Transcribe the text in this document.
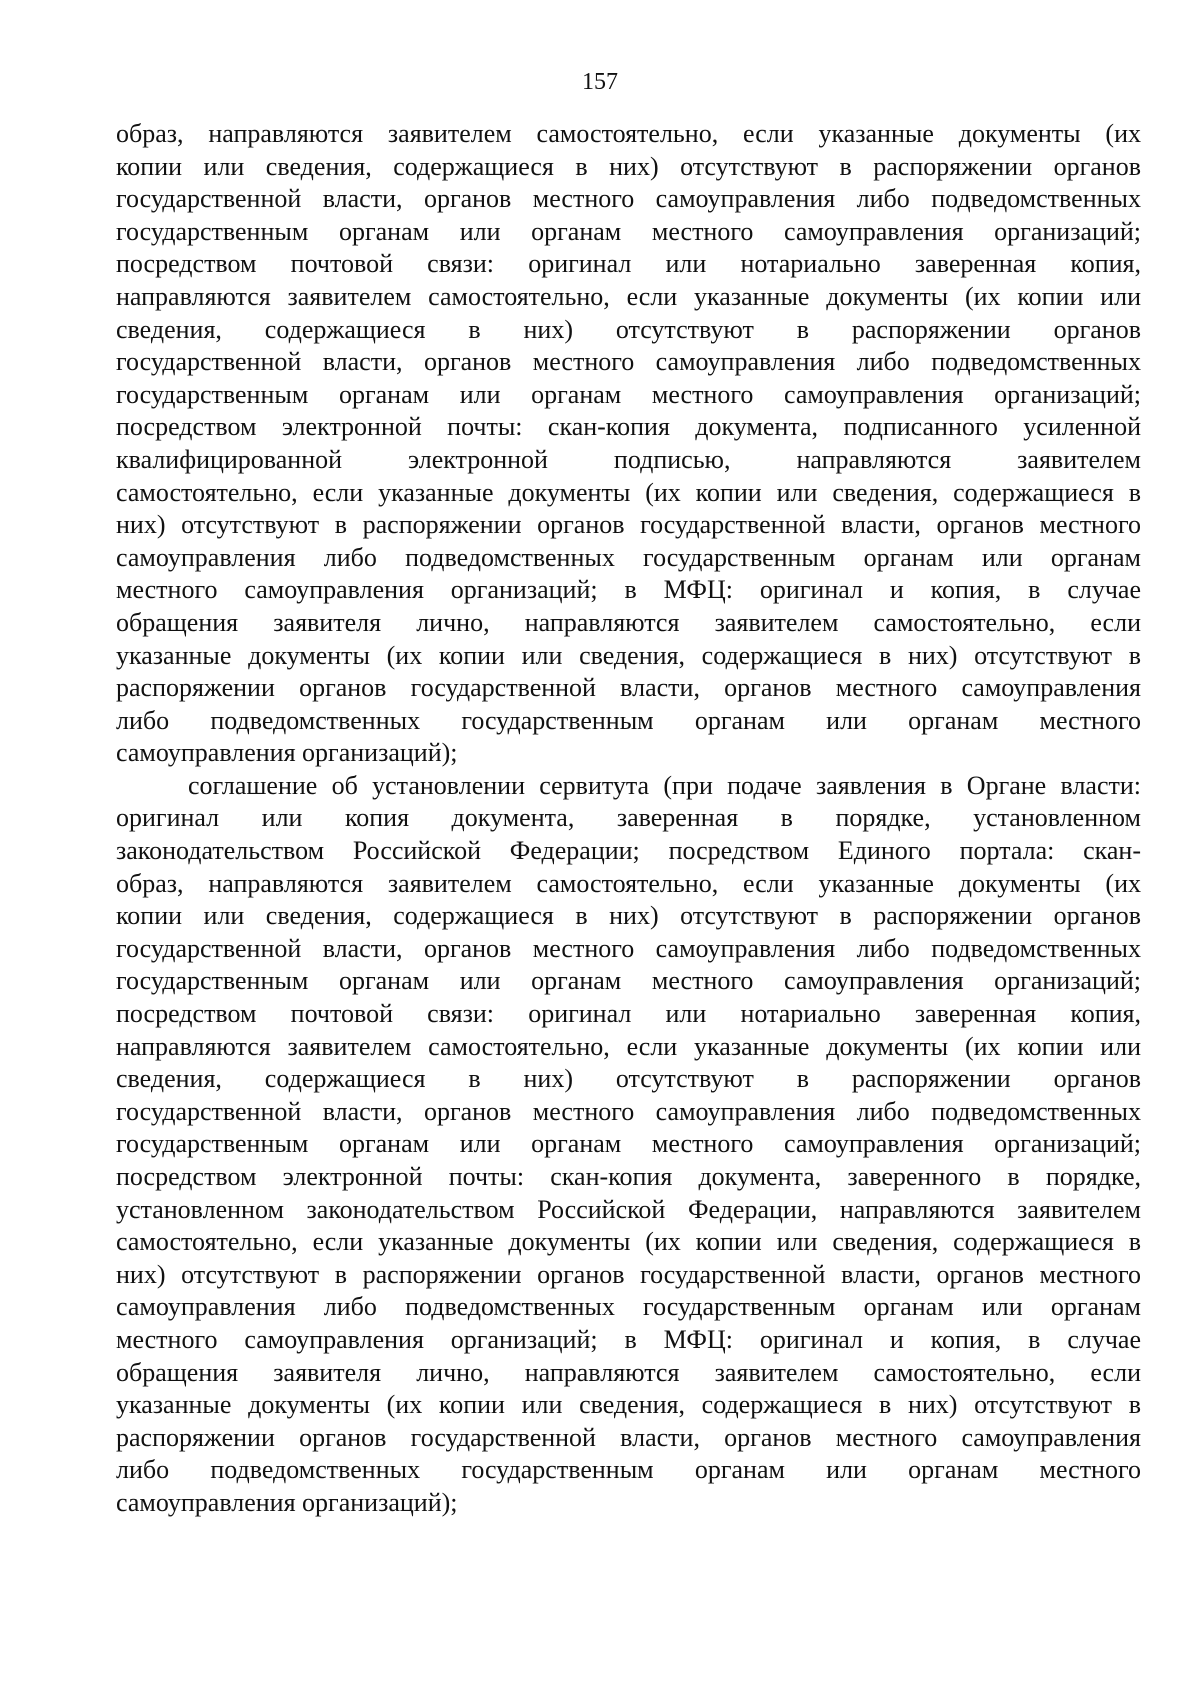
157
образ, направляются заявителем самостоятельно, если указанные документы (их
копии или сведения, содержащиеся в них) отсутствуют в распоряжении органов
государственной власти, органов местного самоуправления либо подведомственных
государственным органам или органам местного самоуправления организаций;
посредством почтовой связи: оригинал или нотариально заверенная копия,
направляются заявителем самостоятельно, если указанные документы (их копии или
сведения, содержащиеся в них) отсутствуют в распоряжении органов
государственной власти, органов местного самоуправления либо подведомственных
государственным органам или органам местного самоуправления организаций;
посредством электронной почты: скан-копия документа, подписанного усиленной
квалифицированной электронной подписью, направляются заявителем
самостоятельно, если указанные документы (их копии или сведения, содержащиеся в
них) отсутствуют в распоряжении органов государственной власти, органов местного
самоуправления либо подведомственных государственным органам или органам
местного самоуправления организаций; в МФЦ: оригинал и копия, в случае
обращения заявителя лично, направляются заявителем самостоятельно, если
указанные документы (их копии или сведения, содержащиеся в них) отсутствуют в
распоряжении органов государственной власти, органов местного самоуправления
либо подведомственных государственным органам или органам местного
самоуправления организаций);
соглашение об установлении сервитута (при подаче заявления в Органе власти:
оригинал или копия документа, заверенная в порядке, установленном
законодательством Российской Федерации; посредством Единого портала: скан-
образ, направляются заявителем самостоятельно, если указанные документы (их
копии или сведения, содержащиеся в них) отсутствуют в распоряжении органов
государственной власти, органов местного самоуправления либо подведомственных
государственным органам или органам местного самоуправления организаций;
посредством почтовой связи: оригинал или нотариально заверенная копия,
направляются заявителем самостоятельно, если указанные документы (их копии или
сведения, содержащиеся в них) отсутствуют в распоряжении органов
государственной власти, органов местного самоуправления либо подведомственных
государственным органам или органам местного самоуправления организаций;
посредством электронной почты: скан-копия документа, заверенного в порядке,
установленном законодательством Российской Федерации, направляются заявителем
самостоятельно, если указанные документы (их копии или сведения, содержащиеся в
них) отсутствуют в распоряжении органов государственной власти, органов местного
самоуправления либо подведомственных государственным органам или органам
местного самоуправления организаций; в МФЦ: оригинал и копия, в случае
обращения заявителя лично, направляются заявителем самостоятельно, если
указанные документы (их копии или сведения, содержащиеся в них) отсутствуют в
распоряжении органов государственной власти, органов местного самоуправления
либо подведомственных государственным органам или органам местного
самоуправления организаций);
